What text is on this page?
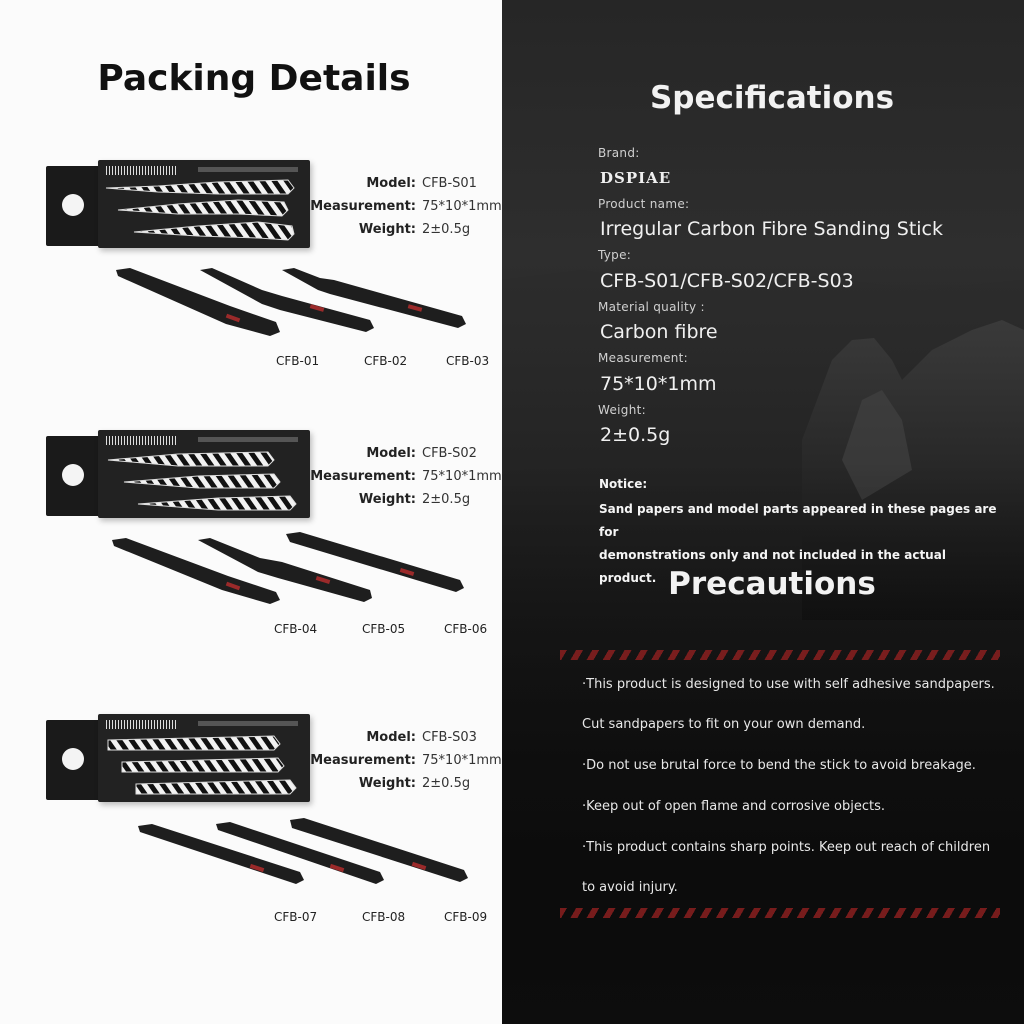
Packing Details
Model: CFB-S01
Measurement: 75*10*1mm
Weight: 2±0.5g
CFB-01	CFB-02	CFB-03
Model: CFB-S02
Measurement: 75*10*1mm
Weight: 2±0.5g
CFB-04	CFB-05	CFB-06
Model: CFB-S03
Measurement: 75*10*1mm
Weight: 2±0.5g
CFB-07	CFB-08	CFB-09
Specifications
Brand:
DSPIAE
Product name:
Irregular Carbon Fibre Sanding Stick
Type:
CFB-S01/CFB-S02/CFB-S03
Material quality :
Carbon fibre
Measurement:
75*10*1mm
Weight:
2±0.5g
Notice:
Sand papers and model parts appeared in these pages are for
demonstrations only and not included in the actual product. Precautions
·This product is designed to use with self adhesive sandpapers.
Cut sandpapers to fit on your own demand.
·Do not use brutal force to bend the stick to avoid breakage.
·Keep out of open flame and corrosive objects.
·This product contains sharp points. Keep out reach of children
to avoid injury.
